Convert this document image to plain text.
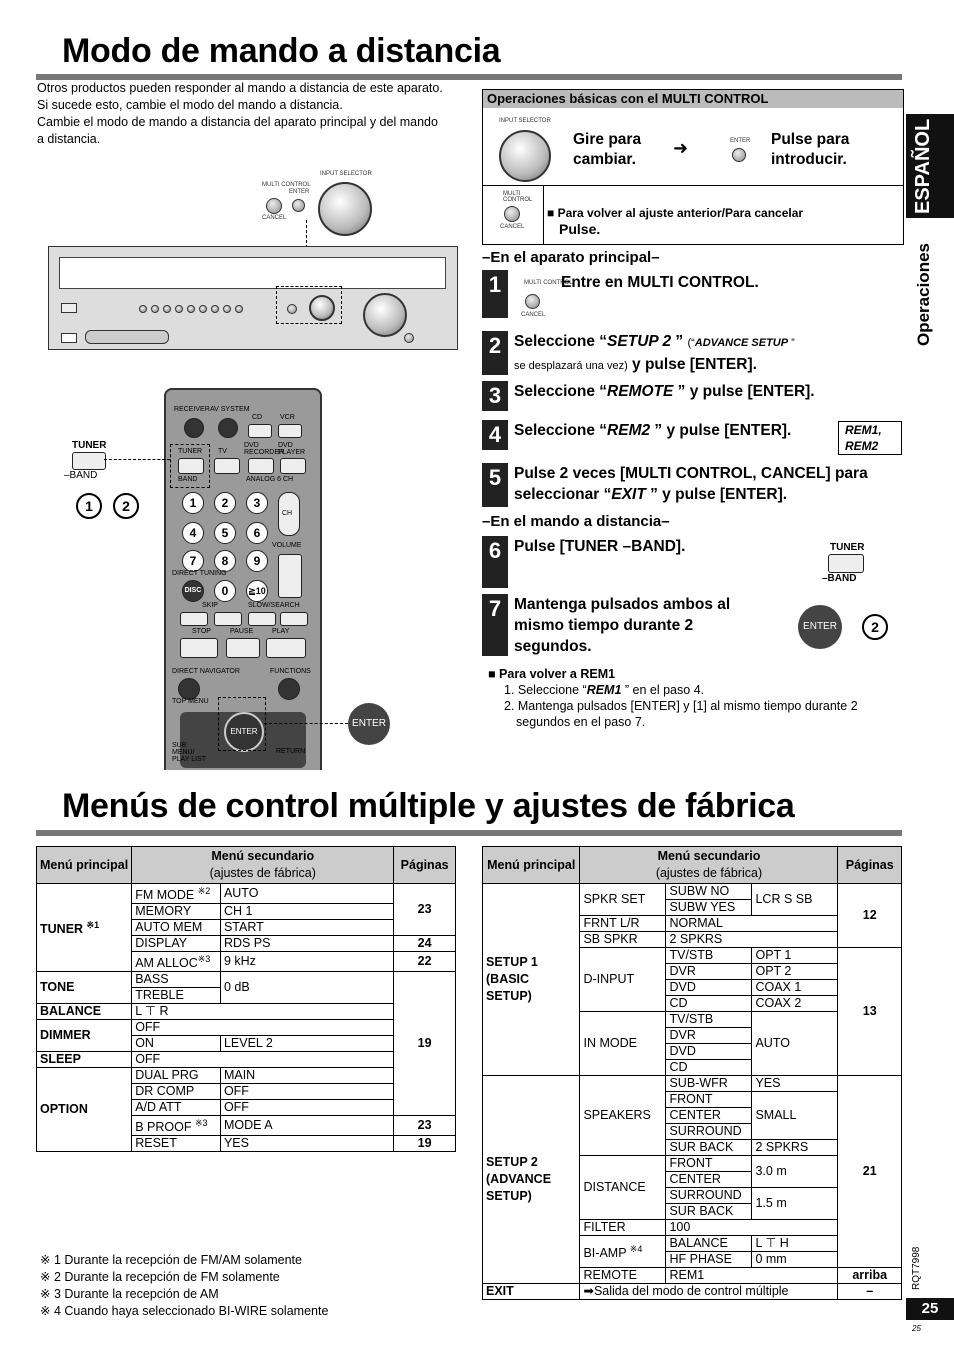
Modo de mando a distancia
Otros productos pueden responder al mando a distancia de este aparato.
Si sucede esto, cambie el modo del mando a distancia.
Cambie el modo de mando a distancia del aparato principal y del mando
a distancia.	ESPAÑOL
Operaciones
MULTI CONTROL
ENTER
CANCEL
INPUT SELECTOR
Operaciones básicas con el MULTI CONTROL
INPUT SELECTOR
Gire para cambiar.
➜	ENTER Pulse para introducir.
MULTI CONTROL
CANCEL
■ Para volver al ajuste anterior/Para cancelar
Pulse.
–En el aparato principal–
1	MULTI CONTROL
CANCEL
Entre en MULTI CONTROL.
2 Seleccione “SETUP 2 ” (“ADVANCE SETUP ”
se desplazará una vez) y pulse [ENTER].
3 Seleccione “REMOTE ” y pulse [ENTER].
4 Seleccione “REM2 ” y pulse [ENTER].	REM1, REM2
5 Pulse 2 veces [MULTI CONTROL, CANCEL] para
seleccionar “EXIT ” y pulse [ENTER].
–En el mando a distancia–
6 Pulse [TUNER –BAND].	TUNER
–BAND
7 Mantenga pulsados ambos al
mismo tiempo durante 2
segundos.
ENTER	2
■ Para volver a REM1
1. Seleccione “REM1 ” en el paso 4.
2. Mantenga pulsados [ENTER] y [1] al mismo tiempo durante 2
segundos en el paso 7.
TUNER
–BAND
1	2
RECEIVER AV SYSTEM
CD	VCR
TUNER TV
DVD RECORDER
DVD PLAYER
BAND	ANALOG 6 CH
1	2	3
CH
4	5	6
VOLUME
7	8	9
DIRECT TUNING
DISC	0	≧10
SKIP	SLOW/SEARCH
STOP	PAUSE	PLAY
DIRECT NAVIGATOR	FUNCTIONS
TOP MENU
ENTER
SUB MENU/ PLAY LIST
RETURN
ENTER
Menús de control múltiple y ajustes de fábrica
Menú principal	Menú secundario
(ajustes de fábrica)		Páginas
TUNER $^{※1}$	FM MODE $^{※2}$	AUTO	23
	MEMORY	CH 1	
	AUTO MEM	START	
	DISPLAY	RDS PS	24
	AM ALLOC$^{※3}$	9 kHz	22
TONE	BASS	0 dB	19
	TREBLE		
BALANCE	L ⊤ R		
DIMMER	OFF		
	ON	LEVEL 2	
SLEEP	OFF		
OPTION	DUAL PRG	MAIN	
	DR COMP	OFF	
	A/D ATT	OFF	
	B PROOF $^{※3}$	MODE A	23
	RESET	YES	19
Menú principal	Menú secundario
(ajustes de fábrica)			Páginas
SETUP 1 (BASIC SETUP)	SPKR SET	SUBW NO	LCR S SB	12
		SUBW YES		
	FRNT L/R	NORMAL		
	SB SPKR	2 SPKRS		
	D-INPUT	TV/STB	OPT 1	13
		DVR	OPT 2	
		DVD	COAX 1	
		CD	COAX 2	
	IN MODE	TV/STB	AUTO	
		DVR		
		DVD		
		CD		
SETUP 2 (ADVANCE SETUP)	SPEAKERS	SUB-WFR	YES	21
		FRONT	SMALL	
		CENTER		
		SURROUND		
		SUR BACK	2 SPKRS	
	DISTANCE	FRONT	3.0 m	
		CENTER		
		SURROUND	1.5 m	
		SUR BACK		
	FILTER	100		
	BI-AMP $^{※4}$	BALANCE	L ⊤ H	
		HF PHASE	0 mm	
	REMOTE	REM1		arriba
EXIT	➡Salida del modo de control múltiple			–
※ 1 Durante la recepción de FM/AM solamente
※ 2 Durante la recepción de FM solamente
※ 3 Durante la recepción de AM
※ 4 Cuando haya seleccionado BI-WIRE solamente
RQT7998
25
25
